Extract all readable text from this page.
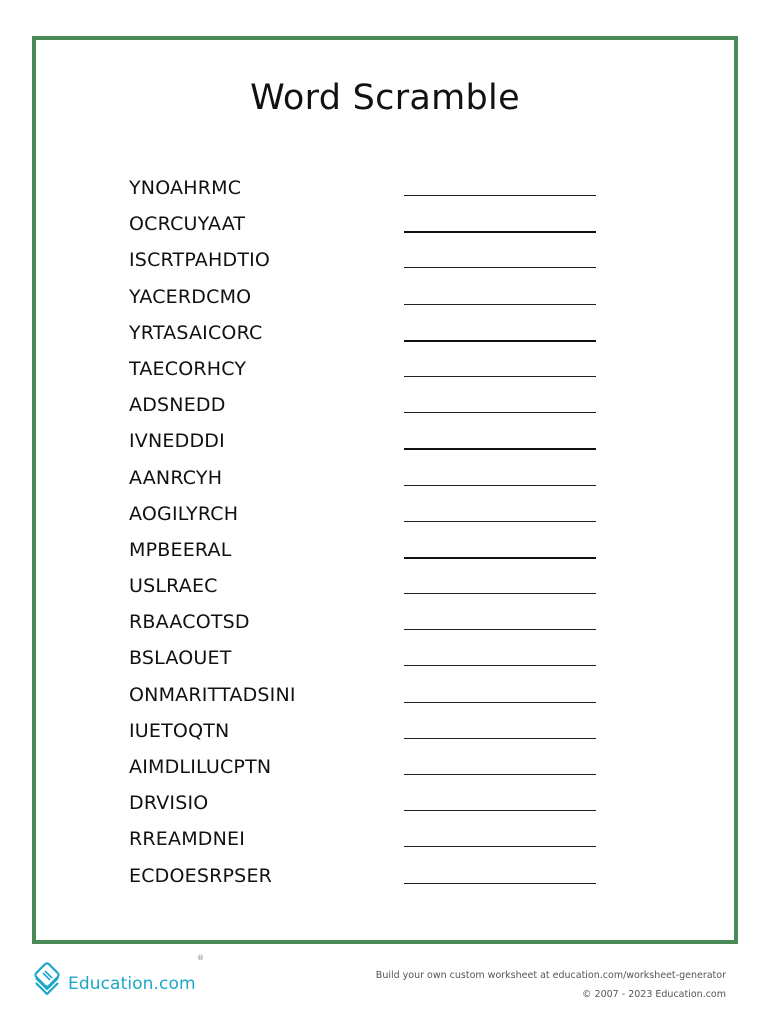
Word Scramble
YNOAHRMC
OCRCUYAAT
ISCRTPAHDTIO
YACERDCMO
YRTASAICORC
TAECORHCY
ADSNEDD
IVNEDDDI
AANRCYH
AOGILYRCH
MPBEERAL
USLRAEC
RBAACOTSD
BSLAOUET
ONMARITTADSINI
IUETOQTN
AIMDLILUCPTN
DRVISIO
RREAMDNEI
ECDOESRPSER
Education.com
®
Build your own custom worksheet at education.com/worksheet-generator
© 2007 - 2023 Education.com
